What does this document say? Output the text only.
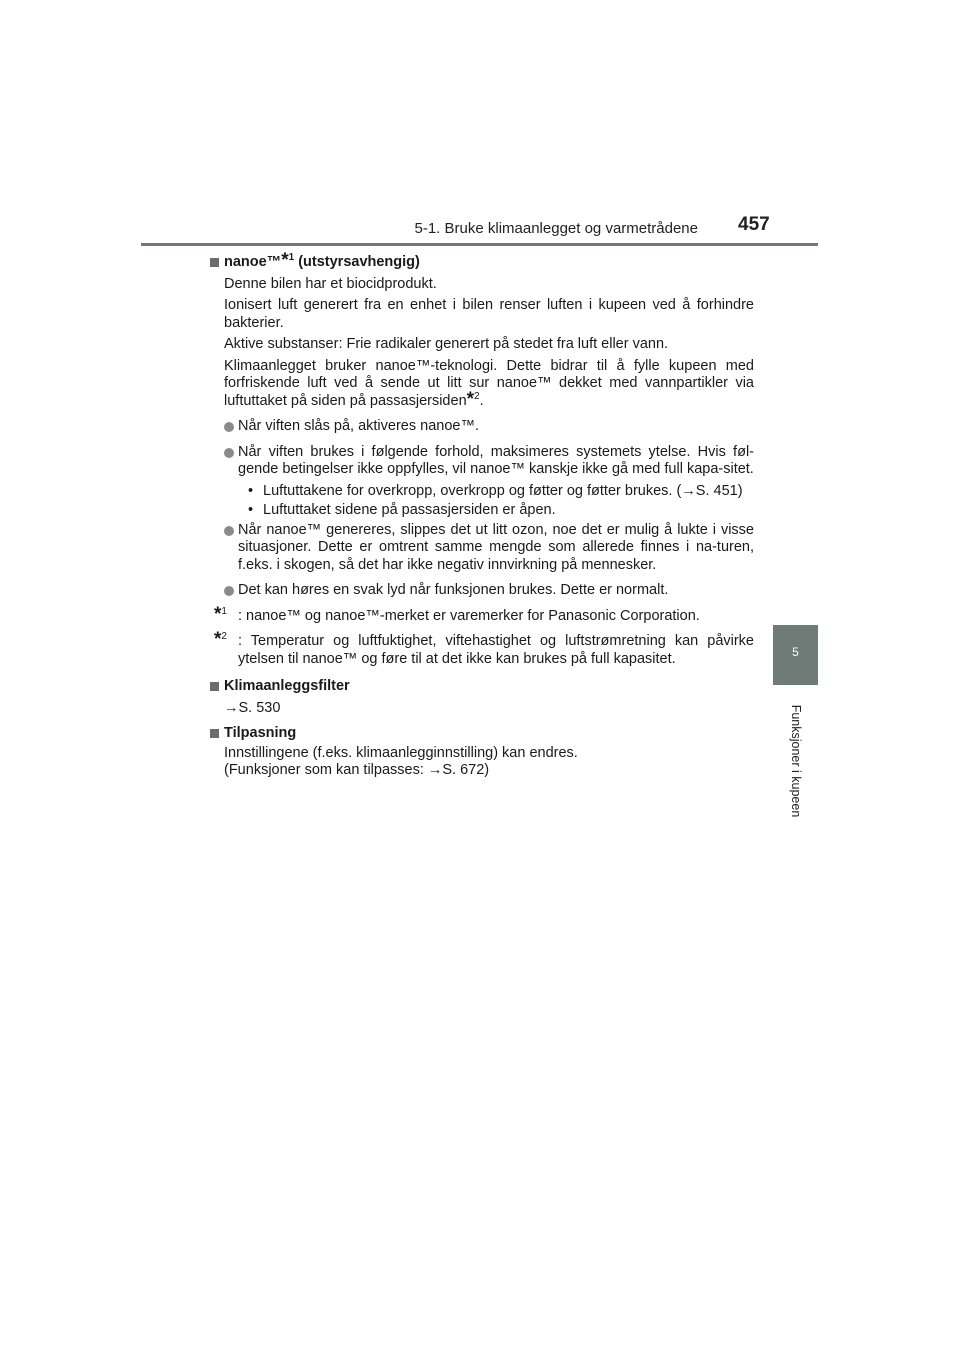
5-1. Bruke klimaanlegget og varmetrådene 457
5
Funksjoner i kupeen
nanoe™*$^1$ (utstyrsavhengig)
Denne bilen har et biocidprodukt.
Ionisert luft generert fra en enhet i bilen renser luften i kupeen ved å forhindre bakterier.
Aktive substanser: Frie radikaler generert på stedet fra luft eller vann.
Klimaanlegget bruker nanoe™-teknologi. Dette bidrar til å fylle kupeen med forfriskende luft ved å sende ut litt sur nanoe™ dekket med vannpartikler via luftuttaket på siden på passasjersiden*$^2$.
Når viften slås på, aktiveres nanoe™.
Når viften brukes i følgende forhold, maksimeres systemets ytelse. Hvis føl-gende betingelser ikke oppfylles, vil nanoe™ kanskje ikke gå med full kapa-sitet.
• Luftuttakene for overkropp, overkropp og føtter og føtter brukes. (→S. 451)
• Luftuttaket sidene på passasjersiden er åpen.
Når nanoe™ genereres, slippes det ut litt ozon, noe det er mulig å lukte i visse situasjoner. Dette er omtrent samme mengde som allerede finnes i na-turen, f.eks. i skogen, så det har ikke negativ innvirkning på mennesker.
Det kan høres en svak lyd når funksjonen brukes. Dette er normalt.
*$^1$ : nanoe™ og nanoe™-merket er varemerker for Panasonic Corporation.
*$^2$ : Temperatur og luftfuktighet, viftehastighet og luftstrømretning kan påvirke ytelsen til nanoe™ og føre til at det ikke kan brukes på full kapasitet.
Klimaanleggsfilter
→S. 530
Tilpasning
Innstillingene (f.eks. klimaanlegginnstilling) kan endres.
(Funksjoner som kan tilpasses: →S. 672)
